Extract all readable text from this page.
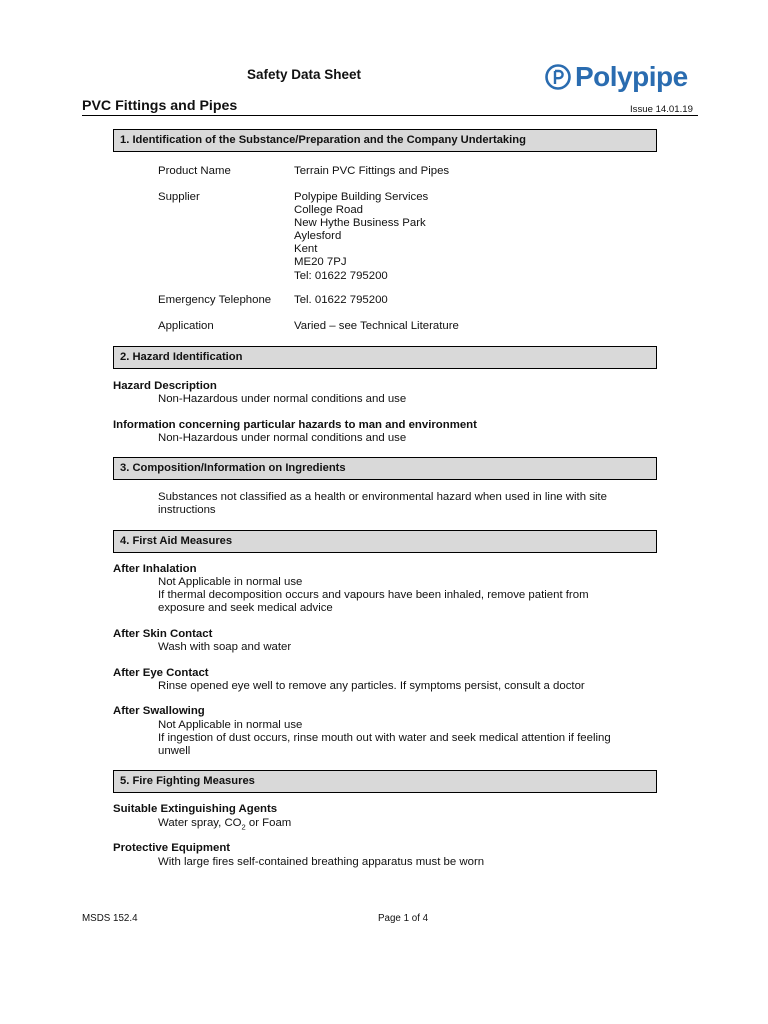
Safety Data Sheet	Polypipe
PVC Fittings and Pipes	Issue 14.01.19
1. Identification of the Substance/Preparation and the Company Undertaking
Product Name	Terrain PVC Fittings and Pipes
Supplier	Polypipe Building Services
College Road
New Hythe Business Park
Aylesford
Kent
ME20 7PJ
Tel: 01622 795200
Emergency Telephone Tel. 01622 795200
Application	Varied – see Technical Literature
2. Hazard Identification
Hazard Description
Non-Hazardous under normal conditions and use
Information concerning particular hazards to man and environment
Non-Hazardous under normal conditions and use
3. Composition/Information on Ingredients
Substances not classified as a health or environmental hazard when used in line with site
instructions
4. First Aid Measures
After Inhalation
Not Applicable in normal use
If thermal decomposition occurs and vapours have been inhaled, remove patient from
exposure and seek medical advice
After Skin Contact
Wash with soap and water
After Eye Contact
Rinse opened eye well to remove any particles. If symptoms persist, consult a doctor
After Swallowing
Not Applicable in normal use
If ingestion of dust occurs, rinse mouth out with water and seek medical attention if feeling
unwell
5. Fire Fighting Measures
Suitable Extinguishing Agents
Water spray, $CO_2$ or Foam
Protective Equipment
With large fires self-contained breathing apparatus must be worn
MSDS 152.4	Page 1 of 4
